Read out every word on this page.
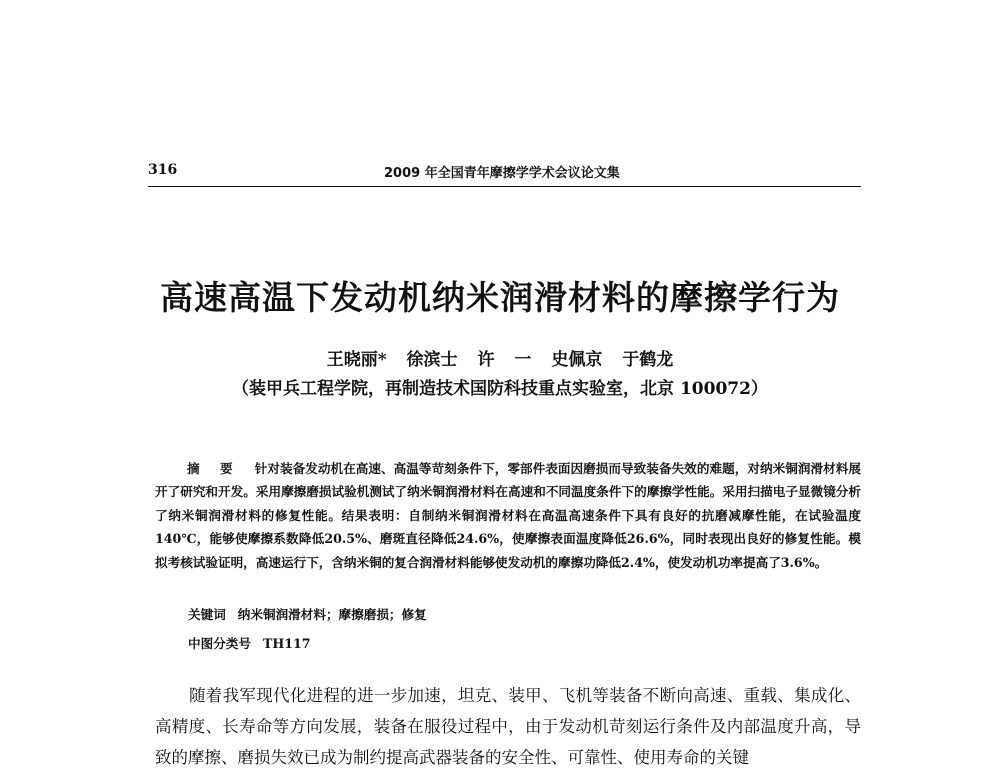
316	2009 年全国青年摩擦学学术会议论文集
高速高温下发动机纳米润滑材料的摩擦学行为
王晓丽* 徐滨士 许 一 史佩京 于鹤龙
（装甲兵工程学院，再制造技术国防科技重点实验室，北京 100072）
摘 要 针对装备发动机在高速、高温等苛刻条件下，零部件表面因磨损而导致装备失效的难题，对纳米铜润滑材料展开了研究和开发。采用摩擦磨损试验机测试了纳米铜润滑材料在高速和不同温度条件下的摩擦学性能。采用扫描电子显微镜分析了纳米铜润滑材料的修复性能。结果表明：自制纳米铜润滑材料在高温高速条件下具有良好的抗磨减摩性能，在试验温度140℃，能够使摩擦系数降低20.5%、磨斑直径降低24.6%，使摩擦表面温度降低26.6%，同时表现出良好的修复性能。模拟考核试验证明，高速运行下，含纳米铜的复合润滑材料能够使发动机的摩擦功降低2.4%，使发动机功率提高了3.6%。
关键词 纳米铜润滑材料；摩擦磨损；修复
中图分类号 TH117
随着我军现代化进程的进一步加速，坦克、装甲、飞机等装备不断向高速、重载、集成化、高精度、长寿命等方向发展，装备在服役过程中，由于发动机苛刻运行条件及内部温度升高，导致的摩擦、磨损失效已成为制约提高武器装备的安全性、可靠性、使用寿命的关键
